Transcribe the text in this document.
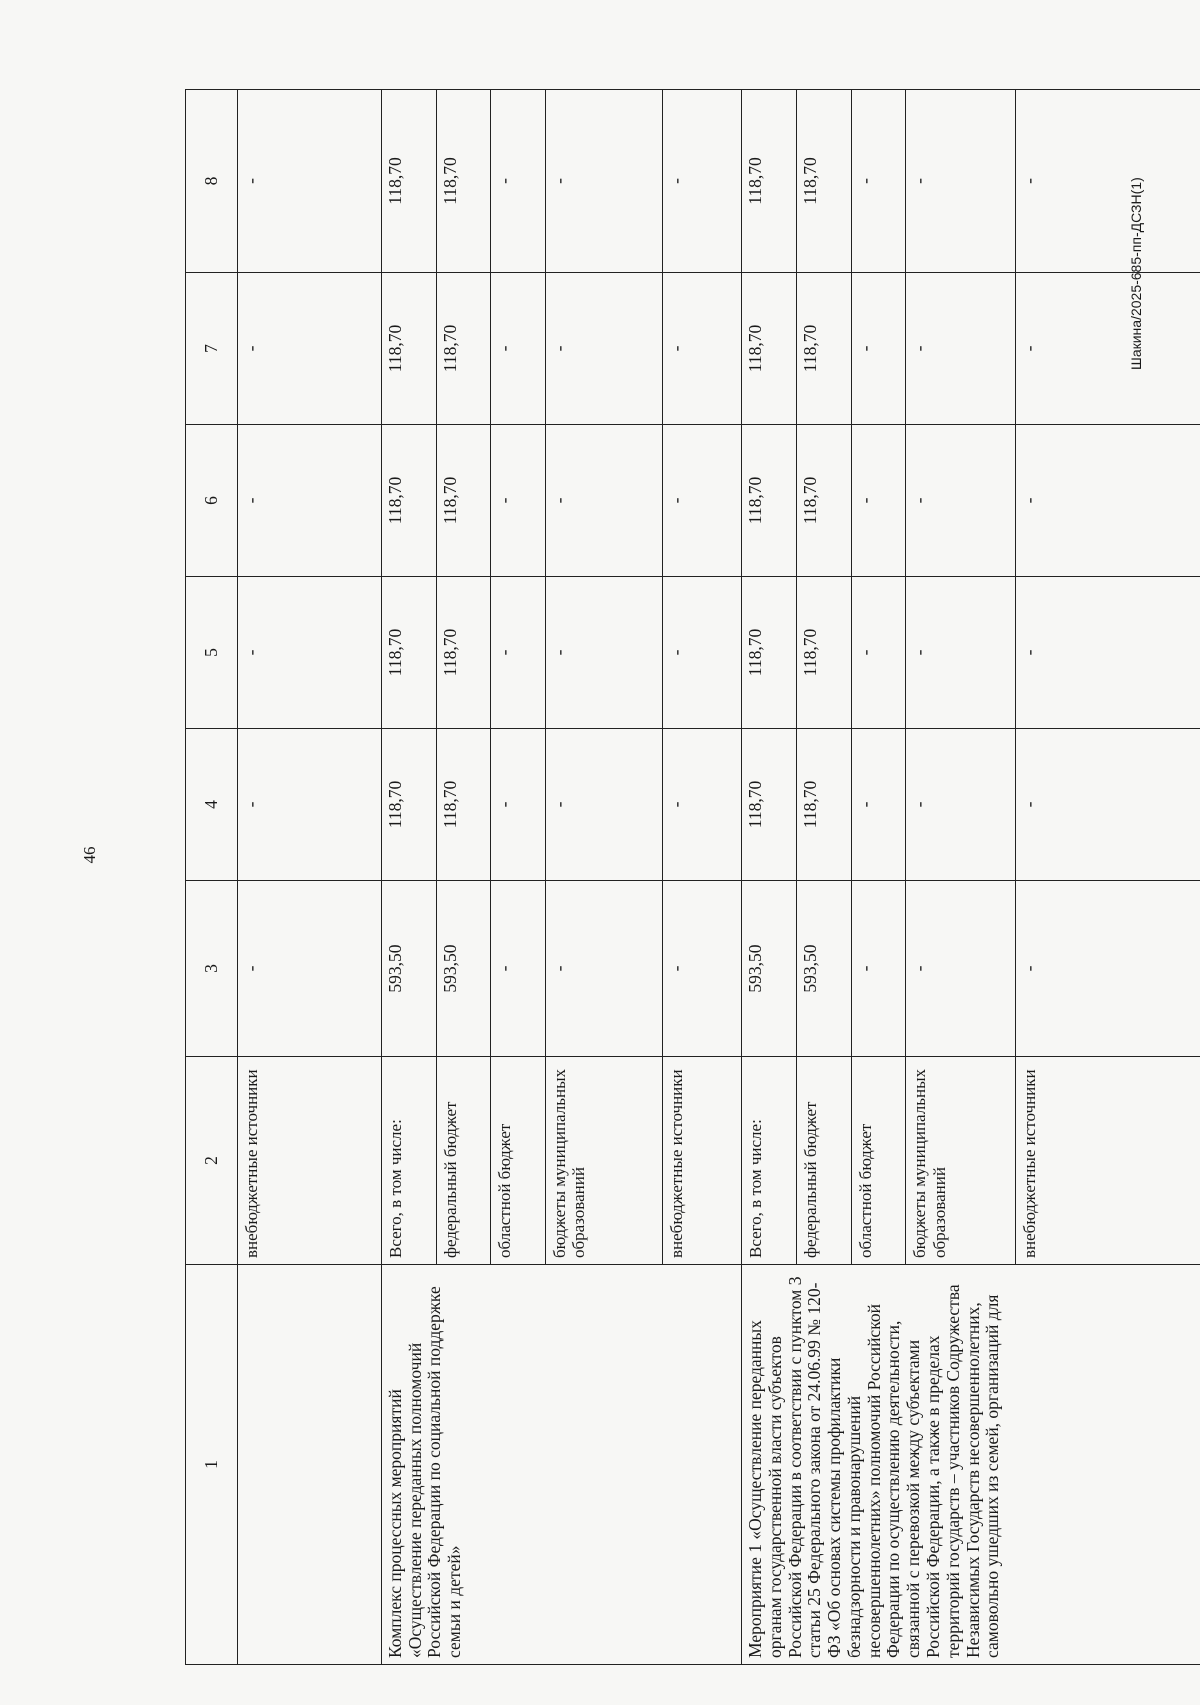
46
Шакина/2025-685-пп-ДСЗН(1)
1	2	3	4	5	6	7	8
	внебюджетные источники	-	-	-	-	-	-
Комплекс процессных мероприятий «Осуществление переданных полномочий Российской Федерации по социальной поддержке семьи и детей»	Всего, в том числе:	593,50	118,70	118,70	118,70	118,70	118,70
	федеральный бюджет	593,50	118,70	118,70	118,70	118,70	118,70
	областной бюджет	-	-	-	-	-	-
	бюджеты муниципальных образований	-	-	-	-	-	-
	внебюджетные источники	-	-	-	-	-	-
Мероприятие 1 «Осуществление переданных органам государственной власти субъектов Российской Федерации в соответствии с пунктом 3 статьи 25 Федерального закона от 24.06.99 № 120-ФЗ «Об основах системы профилактики безнадзорности и правонарушений несовершеннолетних» полномочий Российской Федерации по осуществлению деятельности, связанной с перевозкой между субъектами Российской Федерации, а также в пределах территорий государств – участников Содружества Независимых Государств несовершеннолетних, самовольно ушедших из семей, организаций для	Всего, в том числе:	593,50	118,70	118,70	118,70	118,70	118,70
	федеральный бюджет	593,50	118,70	118,70	118,70	118,70	118,70
	областной бюджет	-	-	-	-	-	-
	бюджеты муниципальных образований	-	-	-	-	-	-
	внебюджетные источники	-	-	-	-	-	-
